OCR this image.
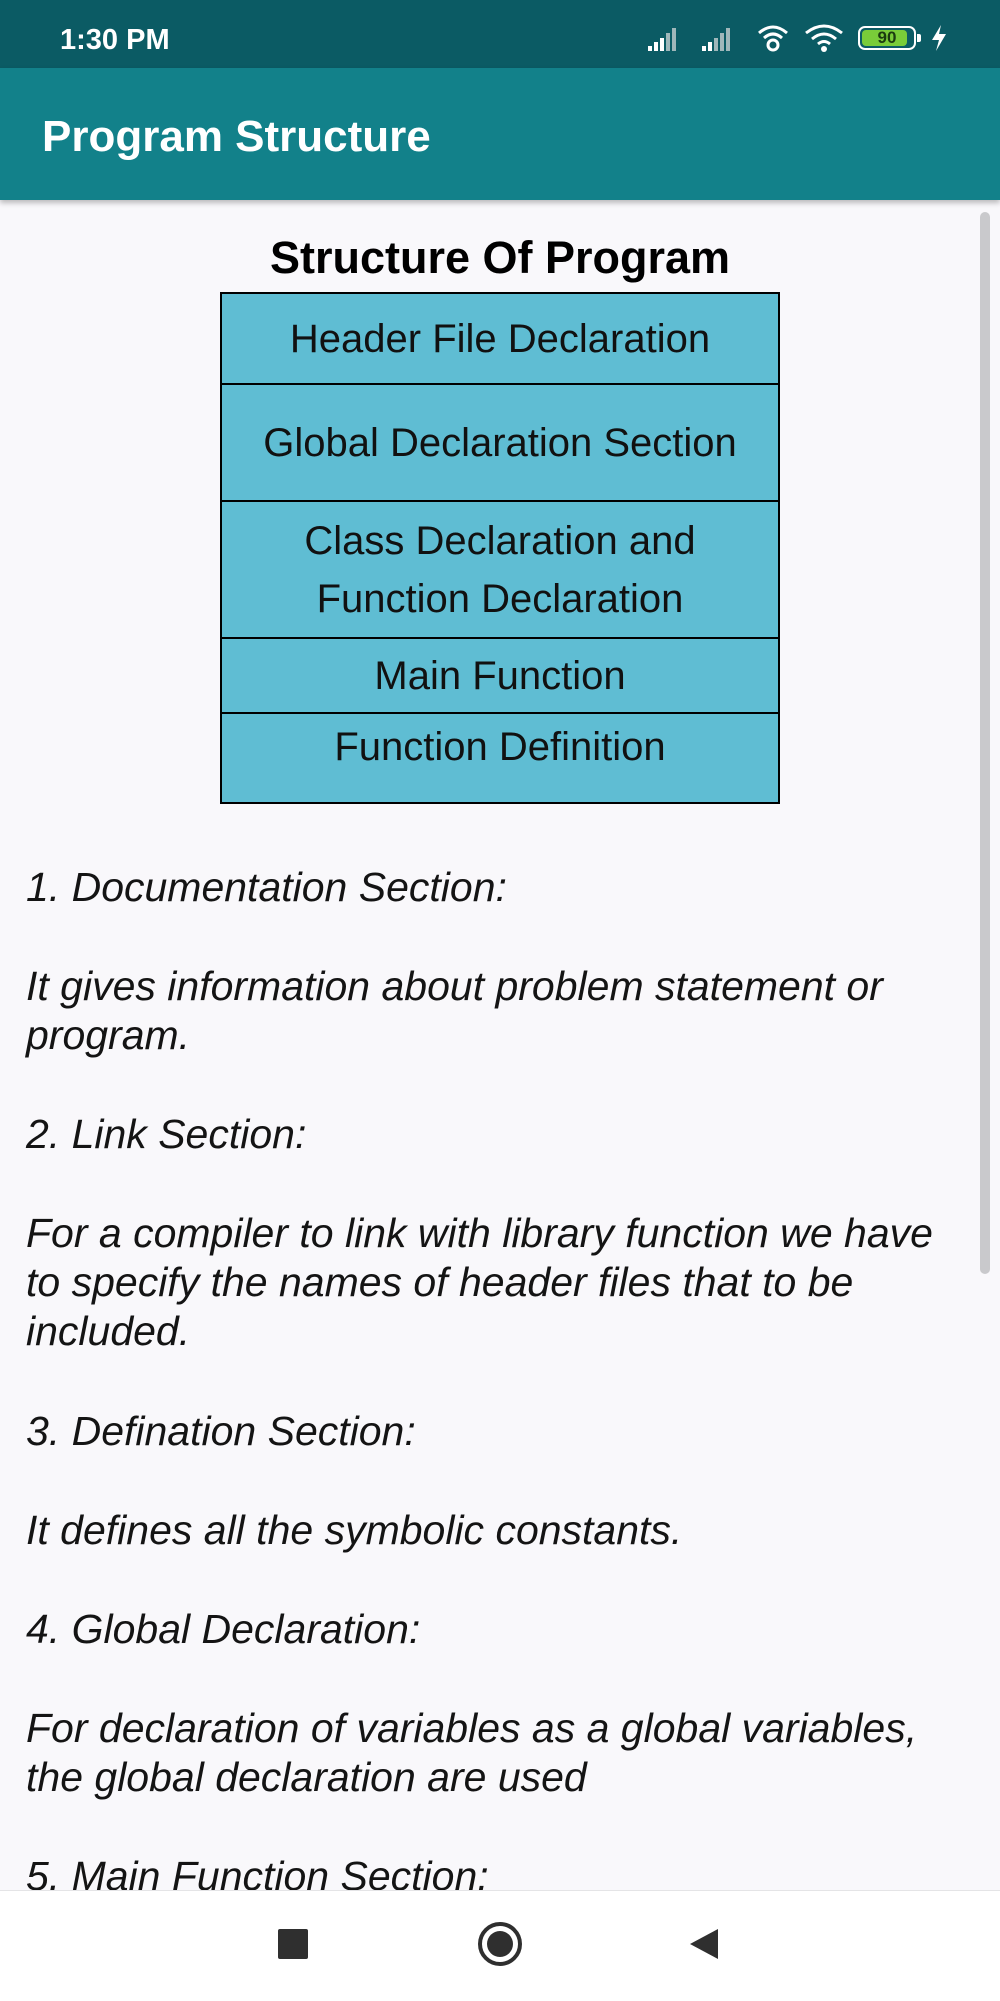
1:30 PM	90
Program Structure
Structure Of Program
Header File Declaration
Global Declaration Section
Class Declaration and Function Declaration
Main Function
Function Definition
1. Documentation Section:
It gives information about problem statement or program.
2. Link Section:
For a compiler to link with library function we have to specify the names of header files that to be included.
3. Defination Section:
It defines all the symbolic constants.
4. Global Declaration:
For declaration of variables as a global variables, the global declaration are used
5. Main Function Section:
